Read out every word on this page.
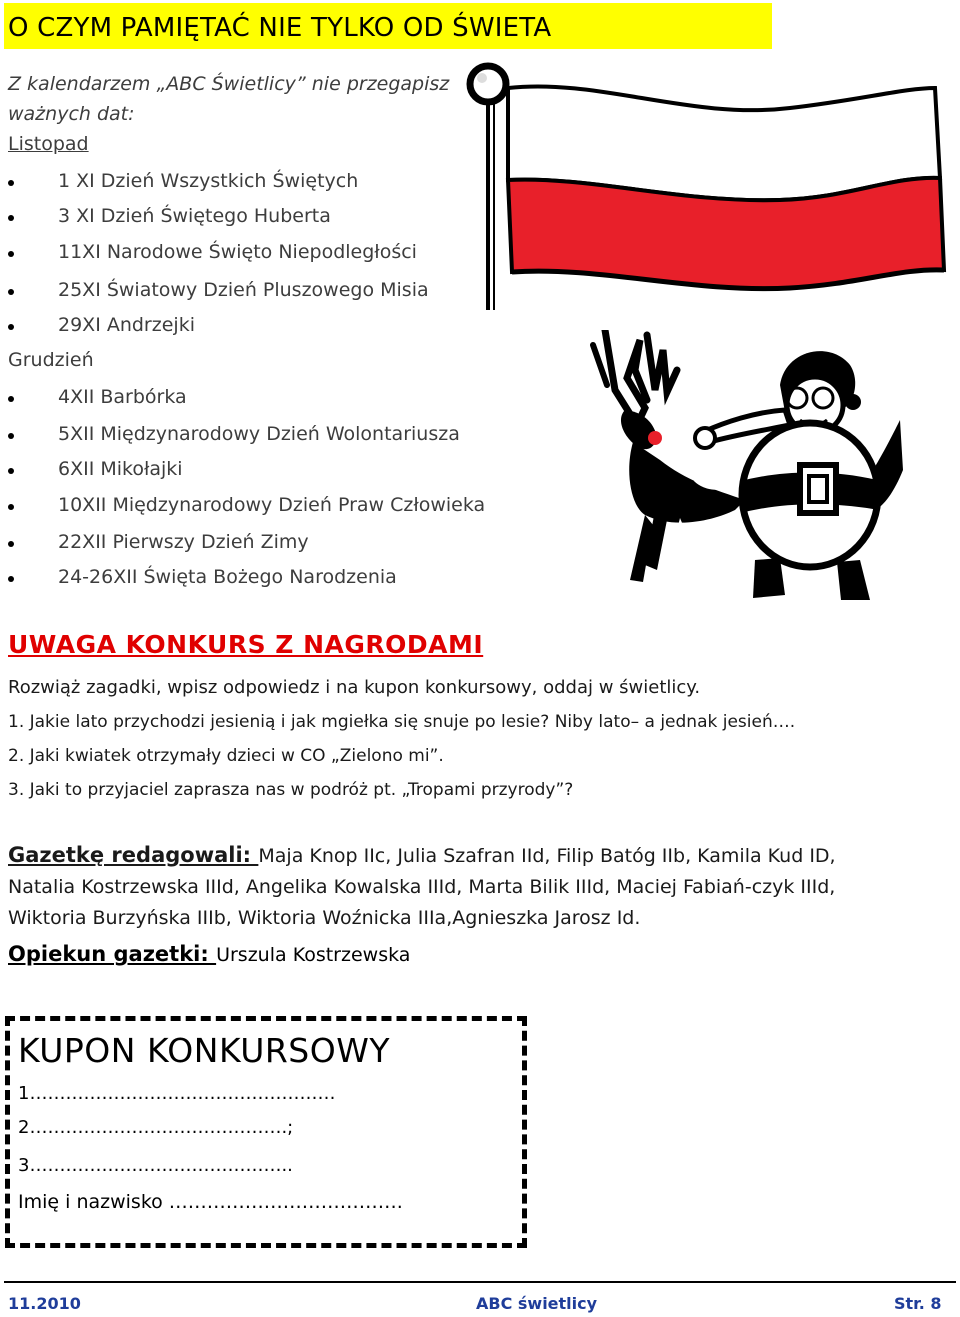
O CZYM PAMIĘTAĆ NIE TYLKO OD ŚWIETA
Z kalendarzem „ABC Świetlicy” nie przegapisz ważnych dat:
Listopad
1 XI Dzień Wszystkich Świętych
3 XI Dzień Świętego Huberta
11XI Narodowe Święto Niepodległości
25XI Światowy Dzień Pluszowego Misia
29XI Andrzejki
Grudzień
4XII Barbórka
5XII Międzynarodowy Dzień Wolontariusza
6XII Mikołajki
10XII Międzynarodowy Dzień Praw Człowieka
22XII Pierwszy Dzień Zimy
24-26XII Święta Bożego Narodzenia
UWAGA KONKURS Z NAGRODAMI
Rozwiąż zagadki, wpisz odpowiedz i na kupon konkursowy, oddaj w świetlicy.
1. Jakie lato przychodzi jesienią i jak mgiełka się snuje po lesie? Niby lato– a jednak jesień….
2. Jaki kwiatek otrzymały dzieci w CO „Zielono mi”.
3. Jaki to przyjaciel zaprasza nas w podróż pt. „Tropami przyrody”?
Gazetkę redagowali: Maja Knop IIc, Julia Szafran IId, Filip Batóg IIb, Kamila Kud ID, Natalia Kostrzewska IIId, Angelika Kowalska IIId, Marta Bilik IIId, Maciej Fabiań-czyk IIId, Wiktoria Burzyńska IIIb, Wiktoria Woźnicka IIIa,Agnieszka Jarosz Id.
Opiekun gazetki: Urszula Kostrzewska
KUPON KONKURSOWY
1……………………………………………
2…………………………………….;
3……………………………………..
Imię i nazwisko ……………………………….
11.2010	ABC świetlicy	Str. 8
